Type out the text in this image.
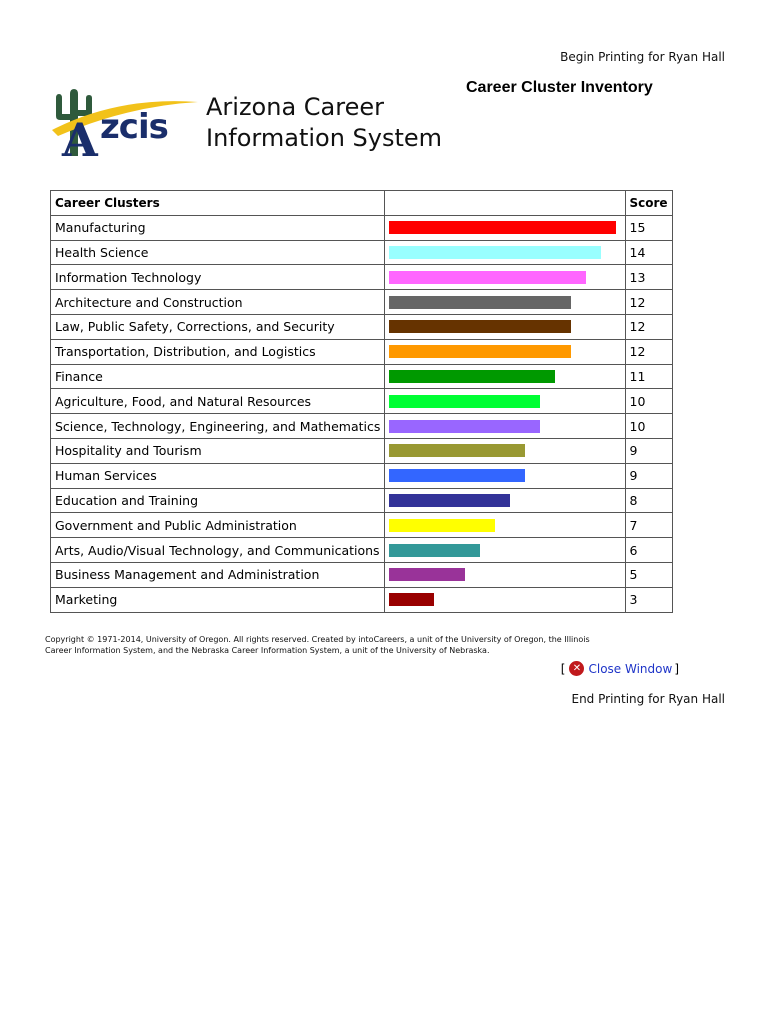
Begin Printing for Ryan Hall
Career Cluster Inventory
A zcis Arizona Career
Information System
Career Clusters		Score
Manufacturing		15
Health Science		14
Information Technology		13
Architecture and Construction		12
Law, Public Safety, Corrections, and Security		12
Transportation, Distribution, and Logistics		12
Finance		11
Agriculture, Food, and Natural Resources		10
Science, Technology, Engineering, and Mathematics		10
Hospitality and Tourism		9
Human Services		9
Education and Training		8
Government and Public Administration		7
Arts, Audio/Visual Technology, and Communications		6
Business Management and Administration		5
Marketing		3
Copyright © 1971-2014, University of Oregon. All rights reserved. Created by intoCareers, a unit of the University of Oregon, the Illinois
Career Information System, and the Nebraska Career Information System, a unit of the University of Nebraska.
[ ✕ Close Window ]
End Printing for Ryan Hall
